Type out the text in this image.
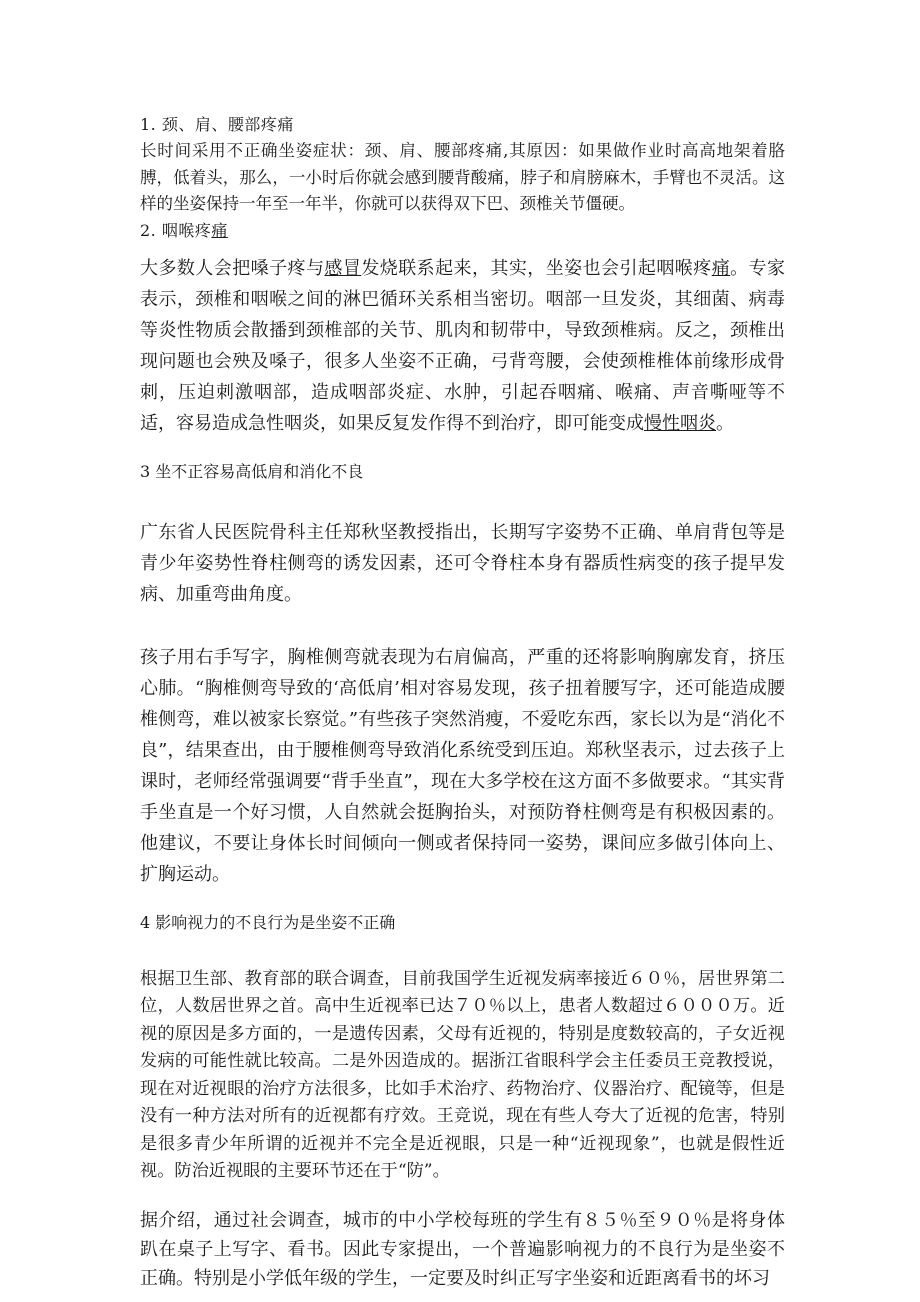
1. 颈、肩、腰部疼痛

长时间采用不正确坐姿症状：颈、肩、腰部疼痛,其原因：如果做作业时高高地架着胳膊，低着头，那么，一小时后你就会感到腰背酸痛，脖子和肩膀麻木，手臂也不灵活。这样的坐姿保持一年至一年半，你就可以获得双下巴、颈椎关节僵硬。

2. 咽喉疼痛

大多数人会把嗓子疼与感冒发烧联系起来，其实，坐姿也会引起咽喉疼痛。专家表示，颈椎和咽喉之间的淋巴循环关系相当密切。咽部一旦发炎，其细菌、病毒等炎性物质会散播到颈椎部的关节、肌肉和韧带中，导致颈椎病。反之，颈椎出现问题也会殃及嗓子，很多人坐姿不正确，弓背弯腰，会使颈椎椎体前缘形成骨刺，压迫刺激咽部，造成咽部炎症、水肿，引起吞咽痛、喉痛、声音嘶哑等不适，容易造成急性咽炎，如果反复发作得不到治疗，即可能变成慢性咽炎。

3 坐不正容易高低肩和消化不良

广东省人民医院骨科主任郑秋坚教授指出，长期写字姿势不正确、单肩背包等是青少年姿势性脊柱侧弯的诱发因素，还可令脊柱本身有器质性病变的孩子提早发病、加重弯曲角度。

孩子用右手写字，胸椎侧弯就表现为右肩偏高，严重的还将影响胸廓发育，挤压心肺。“胸椎侧弯导致的‘高低肩’相对容易发现，孩子扭着腰写字，还可能造成腰椎侧弯，难以被家长察觉。”有些孩子突然消瘦，不爱吃东西，家长以为是“消化不良”，结果查出，由于腰椎侧弯导致消化系统受到压迫。郑秋坚表示，过去孩子上课时，老师经常强调要“背手坐直”，现在大多学校在这方面不多做要求。“其实背手坐直是一个好习惯，人自然就会挺胸抬头，对预防脊柱侧弯是有积极因素的。他建议，不要让身体长时间倾向一侧或者保持同一姿势，课间应多做引体向上、扩胸运动。

4 影响视力的不良行为是坐姿不正确

根据卫生部、教育部的联合调查，目前我国学生近视发病率接近６０％，居世界第二位，人数居世界之首。高中生近视率已达７０％以上，患者人数超过６０００万。近视的原因是多方面的，一是遗传因素，父母有近视的，特别是度数较高的，子女近视发病的可能性就比较高。二是外因造成的。据浙江省眼科学会主任委员王竞教授说，现在对近视眼的治疗方法很多，比如手术治疗、药物治疗、仪器治疗、配镜等，但是没有一种方法对所有的近视都有疗效。王竞说，现在有些人夸大了近视的危害，特别是很多青少年所谓的近视并不完全是近视眼，只是一种“近视现象”，也就是假性近视。防治近视眼的主要环节还在于“防”。

据介绍，通过社会调查，城市的中小学校每班的学生有８５％至９０％是将身体趴在桌子上写字、看书。因此专家提出，一个普遍影响视力的不良行为是坐姿不正确。特别是小学低年级的学生，一定要及时纠正写字坐姿和近距离看书的坏习
